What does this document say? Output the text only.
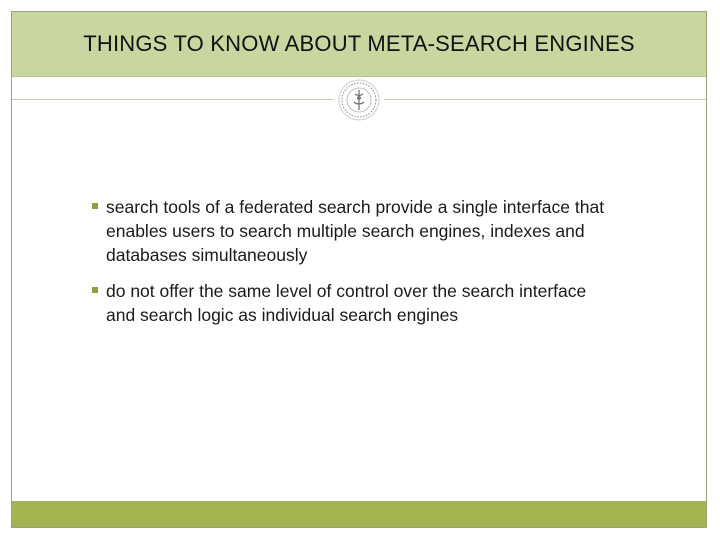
THINGS TO KNOW ABOUT META-SEARCH ENGINES
search tools of a federated search provide a single interface that enables users to search multiple search engines, indexes and databases simultaneously
do not offer the same level of control over the search interface and search logic as individual search engines
